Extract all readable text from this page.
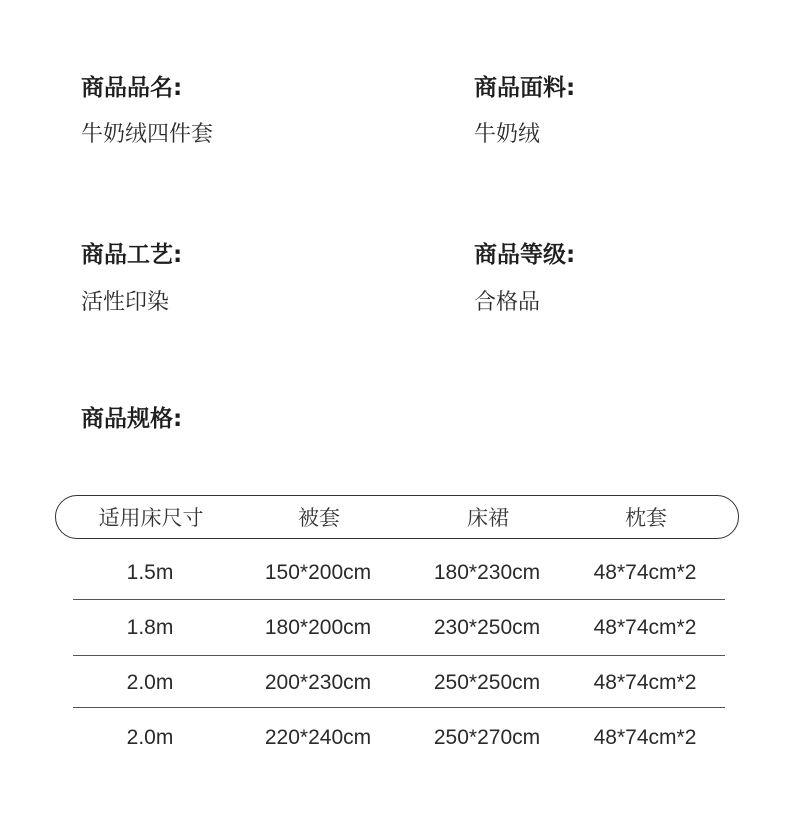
商品品名:
牛奶绒四件套
商品面料:
牛奶绒
商品工艺:
活性印染
商品等级:
合格品
商品规格:
适用床尺寸	被套	床裙	枕套
1.5m	150*200cm	180*230cm	48*74cm*2
1.8m	180*200cm	230*250cm	48*74cm*2
2.0m	200*230cm	250*250cm	48*74cm*2
2.0m	220*240cm	250*270cm	48*74cm*2
